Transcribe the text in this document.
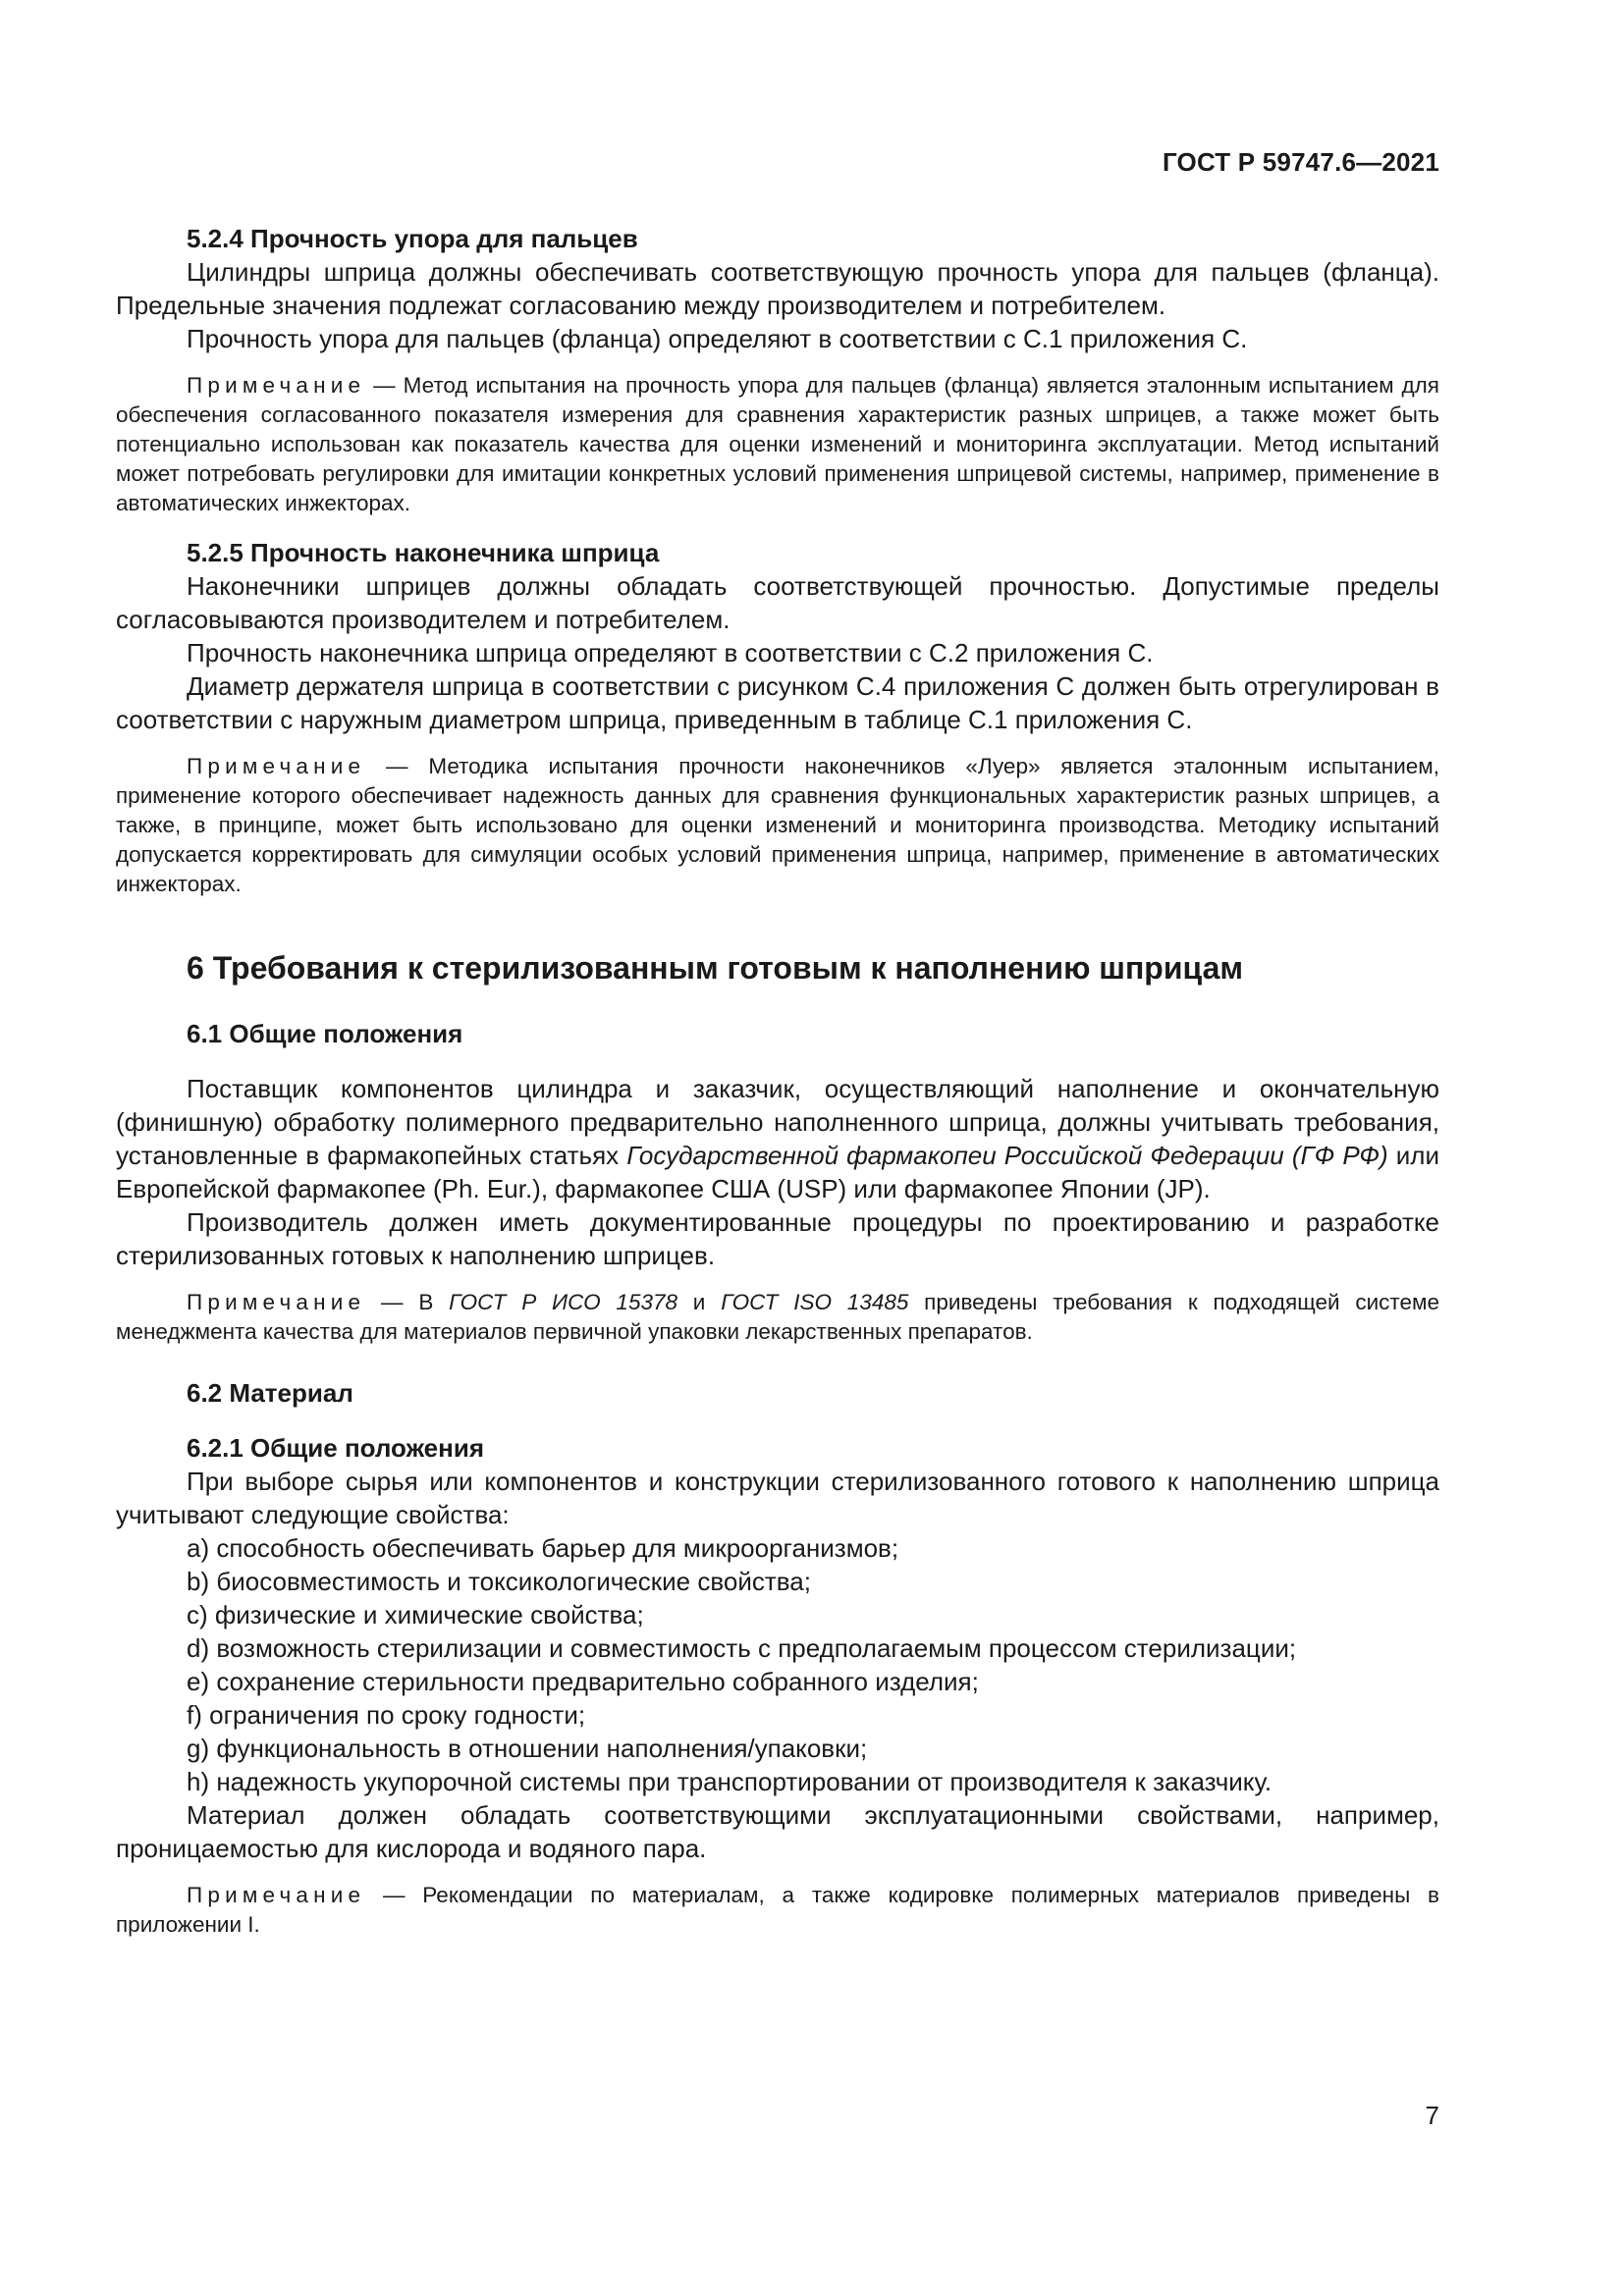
ГОСТ Р 59747.6—2021

5.2.4 Прочность упора для пальцев

Цилиндры шприца должны обеспечивать соответствующую прочность упора для пальцев (фланца). Предельные значения подлежат согласованию между производителем и потребителем.

Прочность упора для пальцев (фланца) определяют в соответствии с С.1 приложения С.

Примечание — Метод испытания на прочность упора для пальцев (фланца) является эталонным испытанием для обеспечения согласованного показателя измерения для сравнения характеристик разных шприцев, а также может быть потенциально использован как показатель качества для оценки изменений и мониторинга эксплуатации. Метод испытаний может потребовать регулировки для имитации конкретных условий применения шприцевой системы, например, применение в автоматических инжекторах.

5.2.5 Прочность наконечника шприца

Наконечники шприцев должны обладать соответствующей прочностью. Допустимые пределы согласовываются производителем и потребителем.

Прочность наконечника шприца определяют в соответствии с С.2 приложения С.

Диаметр держателя шприца в соответствии с рисунком С.4 приложения С должен быть отрегулирован в соответствии с наружным диаметром шприца, приведенным в таблице С.1 приложения С.

Примечание — Методика испытания прочности наконечников «Луер» является эталонным испытанием, применение которого обеспечивает надежность данных для сравнения функциональных характеристик разных шприцев, а также, в принципе, может быть использовано для оценки изменений и мониторинга производства. Методику испытаний допускается корректировать для симуляции особых условий применения шприца, например, применение в автоматических инжекторах.

6 Требования к стерилизованным готовым к наполнению шприцам

6.1 Общие положения

Поставщик компонентов цилиндра и заказчик, осуществляющий наполнение и окончательную (финишную) обработку полимерного предварительно наполненного шприца, должны учитывать требования, установленные в фармакопейных статьях Государственной фармакопеи Российской Федерации (ГФ РФ) или Европейской фармакопее (Ph. Eur.), фармакопее США (USP) или фармакопее Японии (JP).

Производитель должен иметь документированные процедуры по проектированию и разработке стерилизованных готовых к наполнению шприцев.

Примечание — В ГОСТ Р ИСО 15378 и ГОСТ ISO 13485 приведены требования к подходящей системе менеджмента качества для материалов первичной упаковки лекарственных препаратов.

6.2 Материал

6.2.1 Общие положения

При выборе сырья или компонентов и конструкции стерилизованного готового к наполнению шприца учитывают следующие свойства:

a) способность обеспечивать барьер для микроорганизмов;

b) биосовместимость и токсикологические свойства;

c) физические и химические свойства;

d) возможность стерилизации и совместимость с предполагаемым процессом стерилизации;

e) сохранение стерильности предварительно собранного изделия;

f) ограничения по сроку годности;

g) функциональность в отношении наполнения/упаковки;

h) надежность укупорочной системы при транспортировании от производителя к заказчику.

Материал должен обладать соответствующими эксплуатационными свойствами, например, проницаемостью для кислорода и водяного пара.

Примечание — Рекомендации по материалам, а также кодировке полимерных материалов приведены в приложении I.

7
